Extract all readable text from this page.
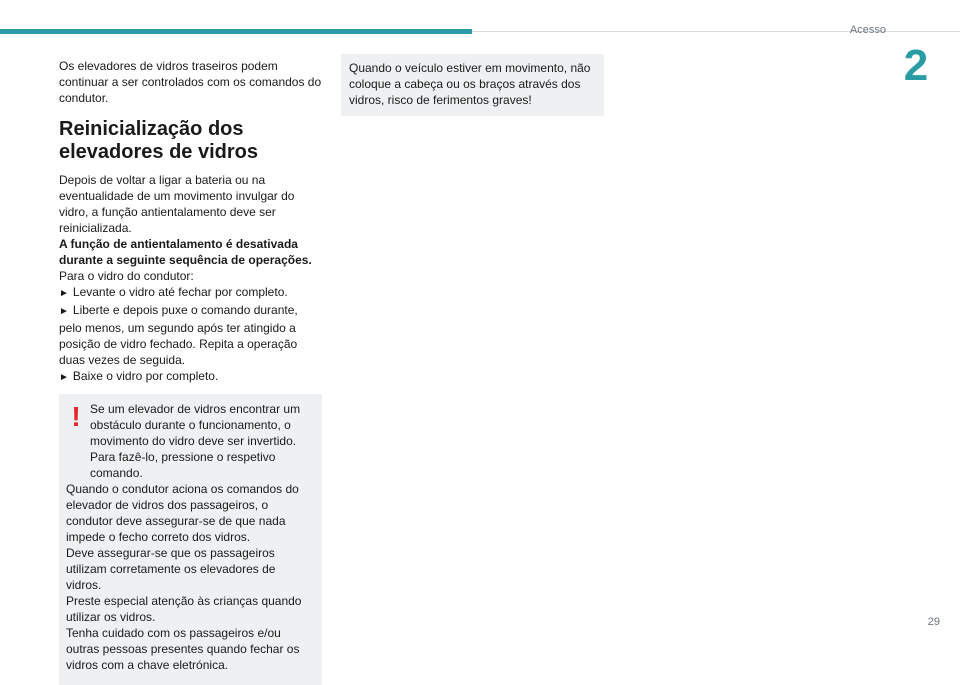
Acesso
2

Os elevadores de vidros traseiros podem continuar a ser controlados com os comandos do condutor.

Reinicialização dos
elevadores de vidros

Depois de voltar a ligar a bateria ou na eventualidade de um movimento invulgar do vidro, a função antientalamento deve ser reinicializada.

A função de antientalamento é desativada durante a seguinte sequência de operações.

Para o vidro do condutor:

► Levante o vidro até fechar por completo.
► Liberte e depois puxe o comando durante, pelo menos, um segundo após ter atingido a posição de vidro fechado. Repita a operação duas vezes de seguida.
► Baixe o vidro por completo.

! Se um elevador de vidros encontrar um obstáculo durante o funcionamento, o movimento do vidro deve ser invertido. Para fazê-lo, pressione o respetivo comando.

Quando o condutor aciona os comandos do elevador de vidros dos passageiros, o condutor deve assegurar-se de que nada impede o fecho correto dos vidros.

Deve assegurar-se que os passageiros utilizam corretamente os elevadores de vidros.

Preste especial atenção às crianças quando utilizar os vidros.

Tenha cuidado com os passageiros e/ou outras pessoas presentes quando fechar os vidros com a chave eletrónica.

Quando o veículo estiver em movimento, não coloque a cabeça ou os braços através dos vidros, risco de ferimentos graves!

29
